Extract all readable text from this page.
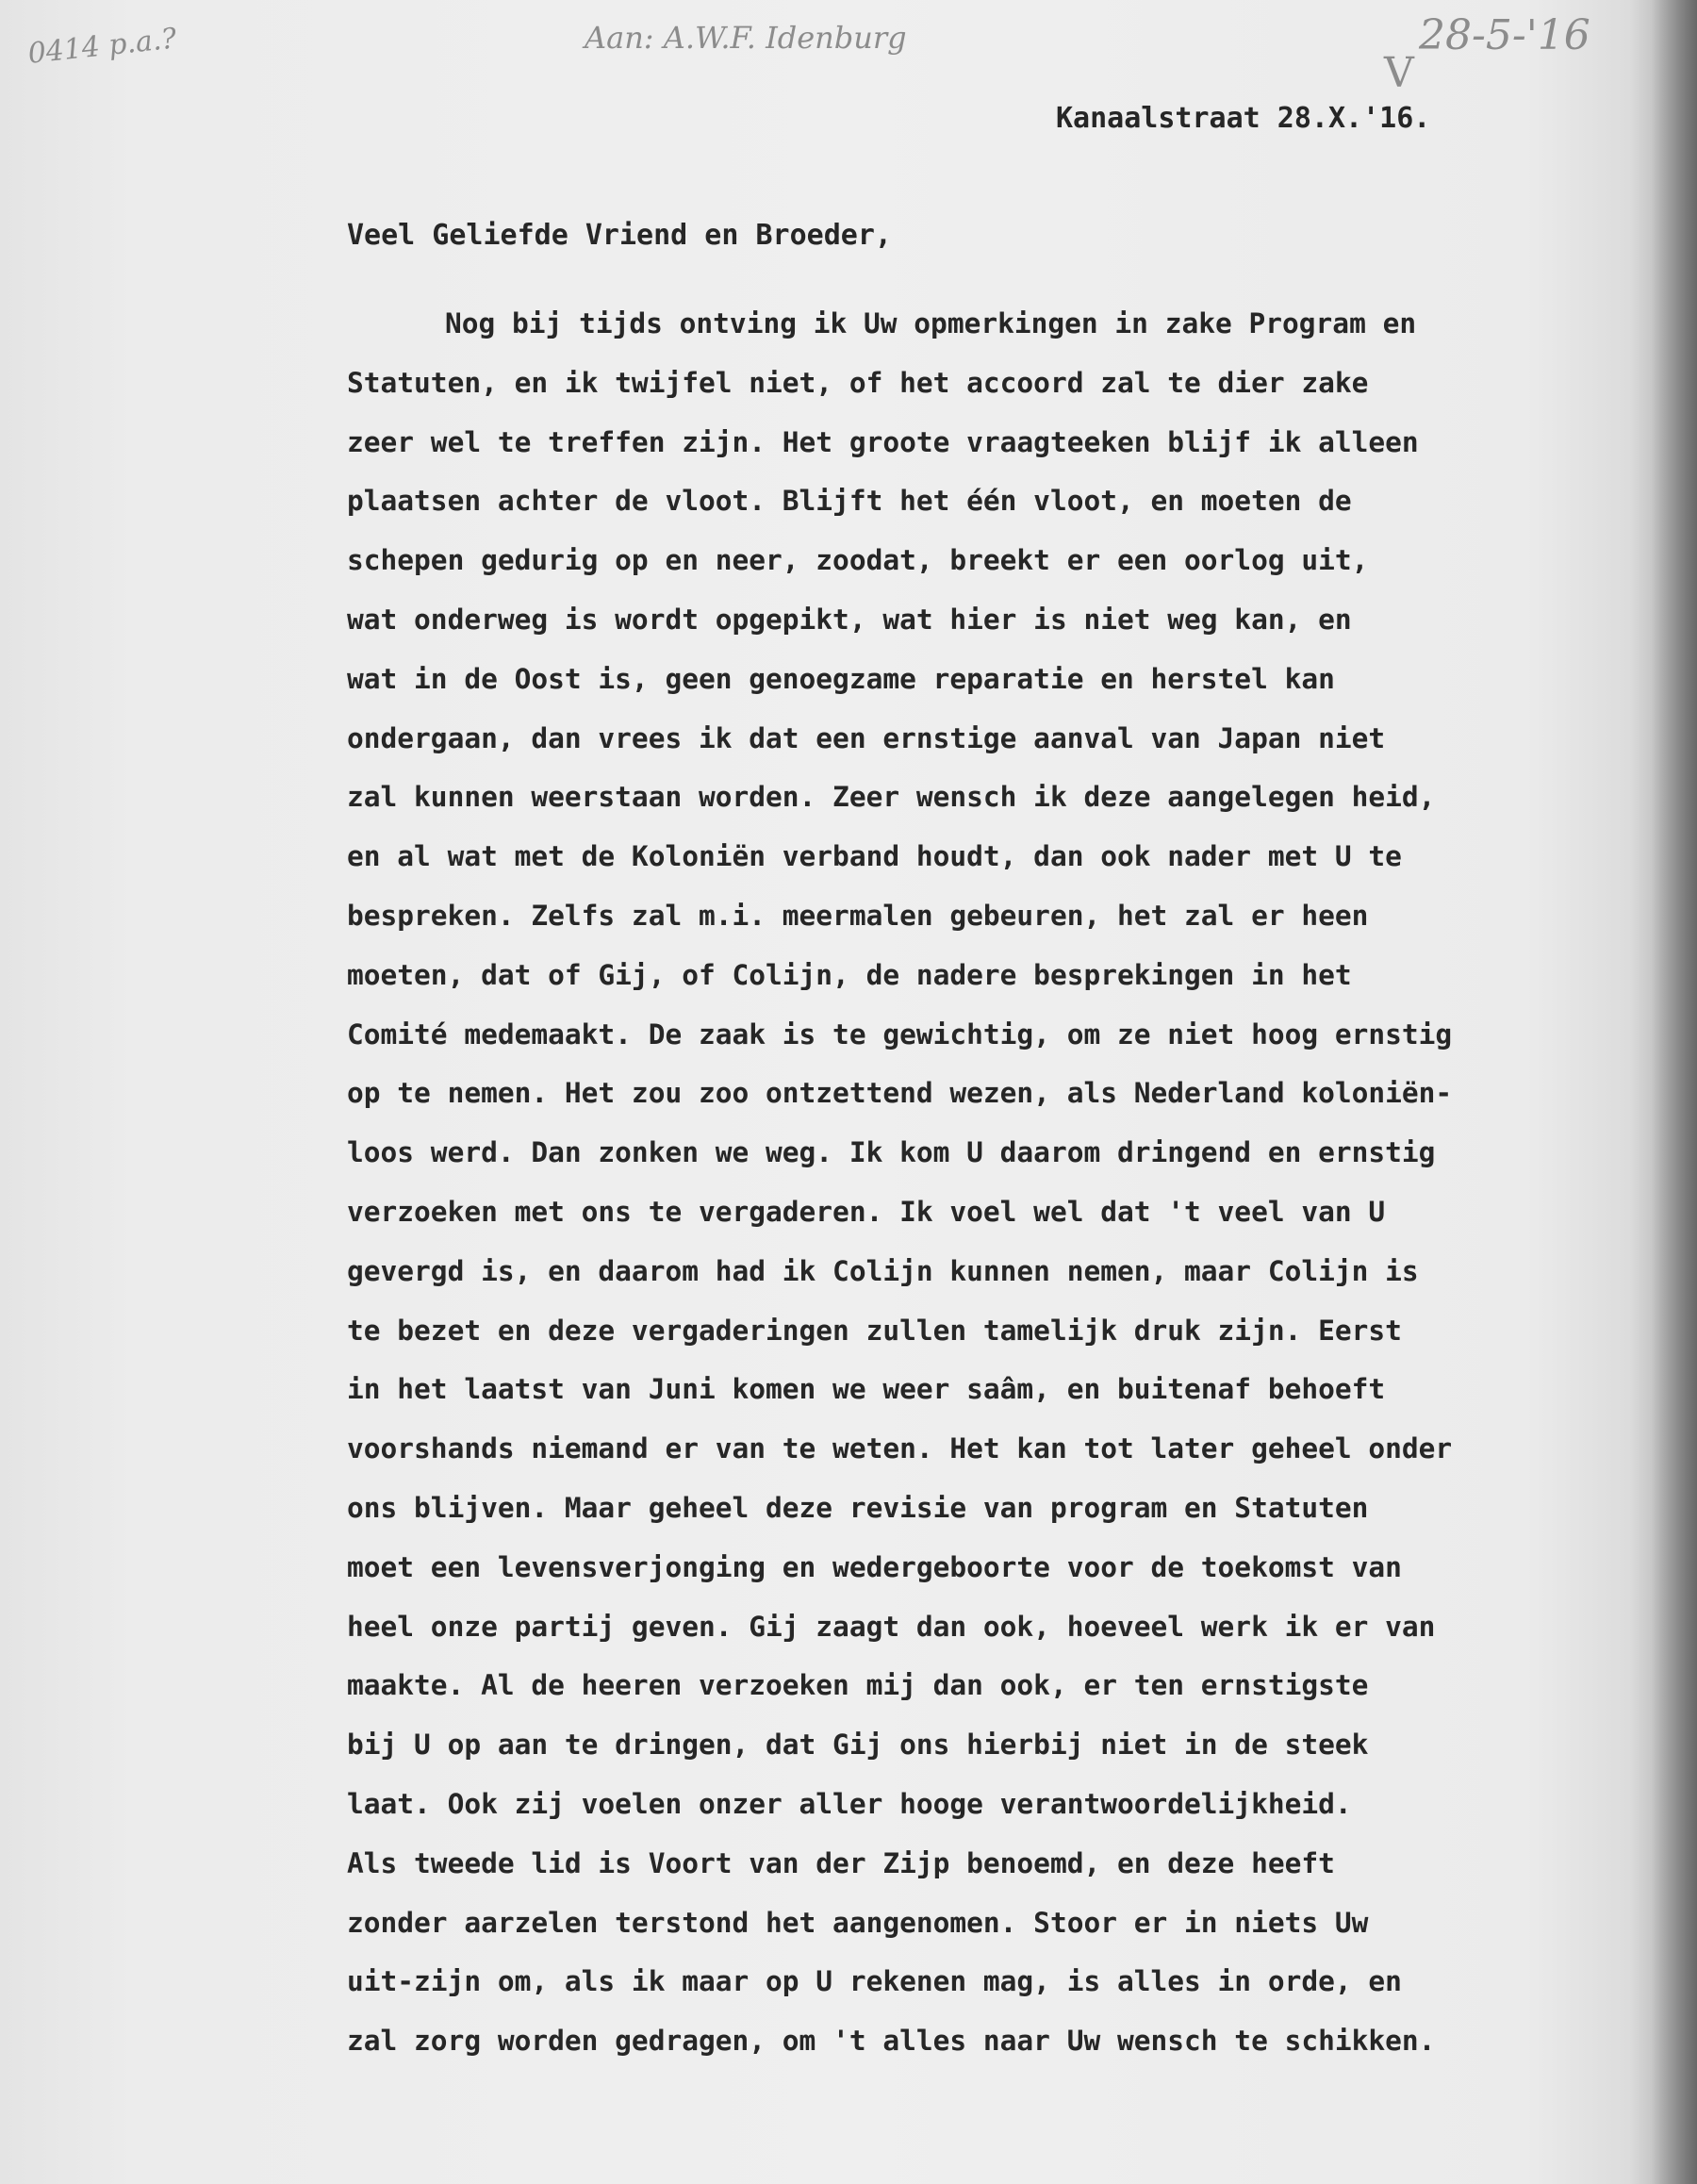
0414 p.a.?	Aan: A.W.F. Idenburg	28-5-'16
V
Kanaalstraat 28.X.'16.
Veel Geliefde Vriend en Broeder,
Nog bij tijds ontving ik Uw opmerkingen in zake Program en
Statuten, en ik twijfel niet, of het accoord zal te dier zake
zeer wel te treffen zijn. Het groote vraagteeken blijf ik alleen
plaatsen achter de vloot. Blijft het één vloot, en moeten de
schepen gedurig op en neer, zoodat, breekt er een oorlog uit,
wat onderweg is wordt opgepikt, wat hier is niet weg kan, en
wat in de Oost is, geen genoegzame reparatie en herstel kan
ondergaan, dan vrees ik dat een ernstige aanval van Japan niet
zal kunnen weerstaan worden. Zeer wensch ik deze aangelegen heid,
en al wat met de Koloniën verband houdt, dan ook nader met U te
bespreken. Zelfs zal m.i. meermalen gebeuren, het zal er heen
moeten, dat of Gij, of Colijn, de nadere besprekingen in het
Comité medemaakt. De zaak is te gewichtig, om ze niet hoog ernstig
op te nemen. Het zou zoo ontzettend wezen, als Nederland koloniën-
loos werd. Dan zonken we weg. Ik kom U daarom dringend en ernstig
verzoeken met ons te vergaderen. Ik voel wel dat 't veel van U
gevergd is, en daarom had ik Colijn kunnen nemen, maar Colijn is
te bezet en deze vergaderingen zullen tamelijk druk zijn. Eerst
in het laatst van Juni komen we weer saâm, en buitenaf behoeft
voorshands niemand er van te weten. Het kan tot later geheel onder
ons blijven. Maar geheel deze revisie van program en Statuten
moet een levensverjonging en wedergeboorte voor de toekomst van
heel onze partij geven. Gij zaagt dan ook, hoeveel werk ik er van
maakte. Al de heeren verzoeken mij dan ook, er ten ernstigste
bij U op aan te dringen, dat Gij ons hierbij niet in de steek
laat. Ook zij voelen onzer aller hooge verantwoordelijkheid.
Als tweede lid is Voort van der Zijp benoemd, en deze heeft
zonder aarzelen terstond het aangenomen. Stoor er in niets Uw
uit-zijn om, als ik maar op U rekenen mag, is alles in orde, en
zal zorg worden gedragen, om 't alles naar Uw wensch te schikken.
